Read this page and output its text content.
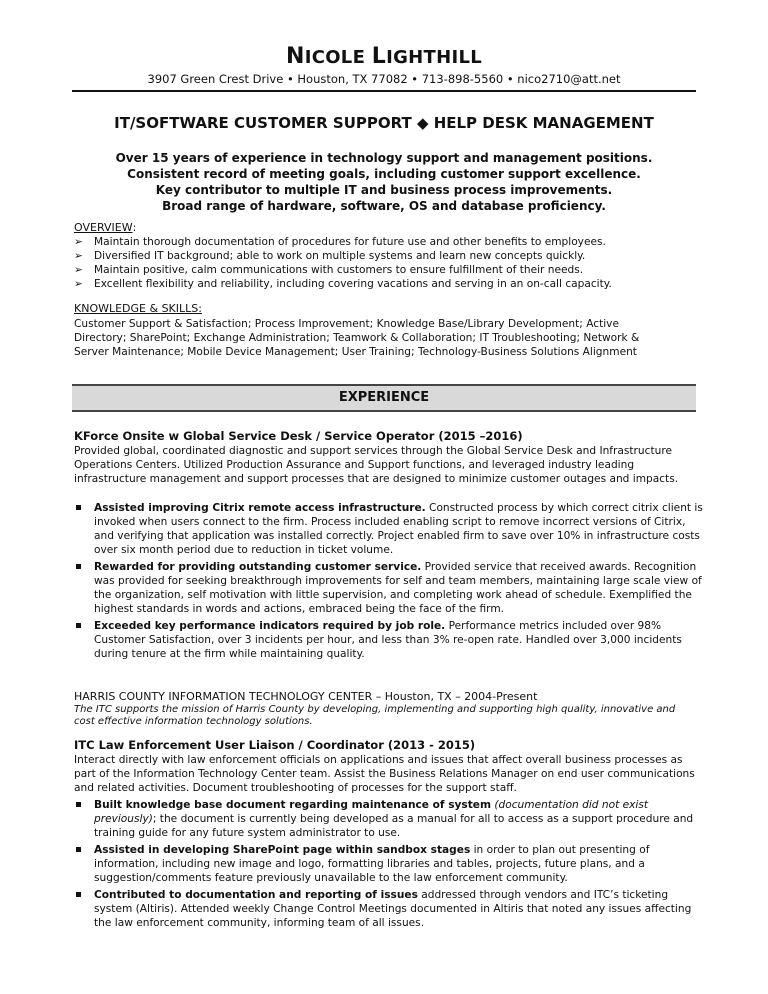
NICOLE LIGHTHILL
3907 Green Crest Drive • Houston, TX 77082 • 713-898-5560 • nico2710@att.net
IT/SOFTWARE CUSTOMER SUPPORT ◆ HELP DESK MANAGEMENT
Over 15 years of experience in technology support and management positions.
Consistent record of meeting goals, including customer support excellence.
Key contributor to multiple IT and business process improvements.
Broad range of hardware, software, OS and database proficiency.
OVERVIEW:
➢ Maintain thorough documentation of procedures for future use and other benefits to employees.
➢ Diversified IT background; able to work on multiple systems and learn new concepts quickly.
➢ Maintain positive, calm communications with customers to ensure fulfillment of their needs.
➢ Excellent flexibility and reliability, including covering vacations and serving in an on-call capacity.
KNOWLEDGE & SKILLS:
Customer Support & Satisfaction; Process Improvement; Knowledge Base/Library Development; Active
Directory; SharePoint; Exchange Administration; Teamwork & Collaboration; IT Troubleshooting; Network &
Server Maintenance; Mobile Device Management; User Training; Technology-Business Solutions Alignment
EXPERIENCE
KForce Onsite w Global Service Desk / Service Operator (2015 –2016)
Provided global, coordinated diagnostic and support services through the Global Service Desk and Infrastructure Operations Centers. Utilized Production Assurance and Support functions, and leveraged industry leading infrastructure management and support processes that are designed to minimize customer outages and impacts.
Assisted improving Citrix remote access infrastructure. Constructed process by which correct citrix client is invoked when users connect to the firm. Process included enabling script to remove incorrect versions of Citrix, and verifying that application was installed correctly. Project enabled firm to save over 10% in infrastructure costs over six month period due to reduction in ticket volume.
Rewarded for providing outstanding customer service. Provided service that received awards. Recognition was provided for seeking breakthrough improvements for self and team members, maintaining large scale view of the organization, self motivation with little supervision, and completing work ahead of schedule. Exemplified the highest standards in words and actions, embraced being the face of the firm.
Exceeded key performance indicators required by job role. Performance metrics included over 98% Customer Satisfaction, over 3 incidents per hour, and less than 3% re-open rate. Handled over 3,000 incidents during tenure at the firm while maintaining quality.
HARRIS COUNTY INFORMATION TECHNOLOGY CENTER – Houston, TX – 2004-Present
The ITC supports the mission of Harris County by developing, implementing and supporting high quality, innovative and cost effective information technology solutions.
ITC Law Enforcement User Liaison / Coordinator (2013 - 2015)
Interact directly with law enforcement officials on applications and issues that affect overall business processes as part of the Information Technology Center team. Assist the Business Relations Manager on end user communications and related activities. Document troubleshooting of processes for the support staff.
Built knowledge base document regarding maintenance of system (documentation did not exist previously); the document is currently being developed as a manual for all to access as a support procedure and training guide for any future system administrator to use.
Assisted in developing SharePoint page within sandbox stages in order to plan out presenting of information, including new image and logo, formatting libraries and tables, projects, future plans, and a suggestion/comments feature previously unavailable to the law enforcement community.
Contributed to documentation and reporting of issues addressed through vendors and ITC’s ticketing system (Altiris). Attended weekly Change Control Meetings documented in Altiris that noted any issues affecting the law enforcement community, informing team of all issues.
